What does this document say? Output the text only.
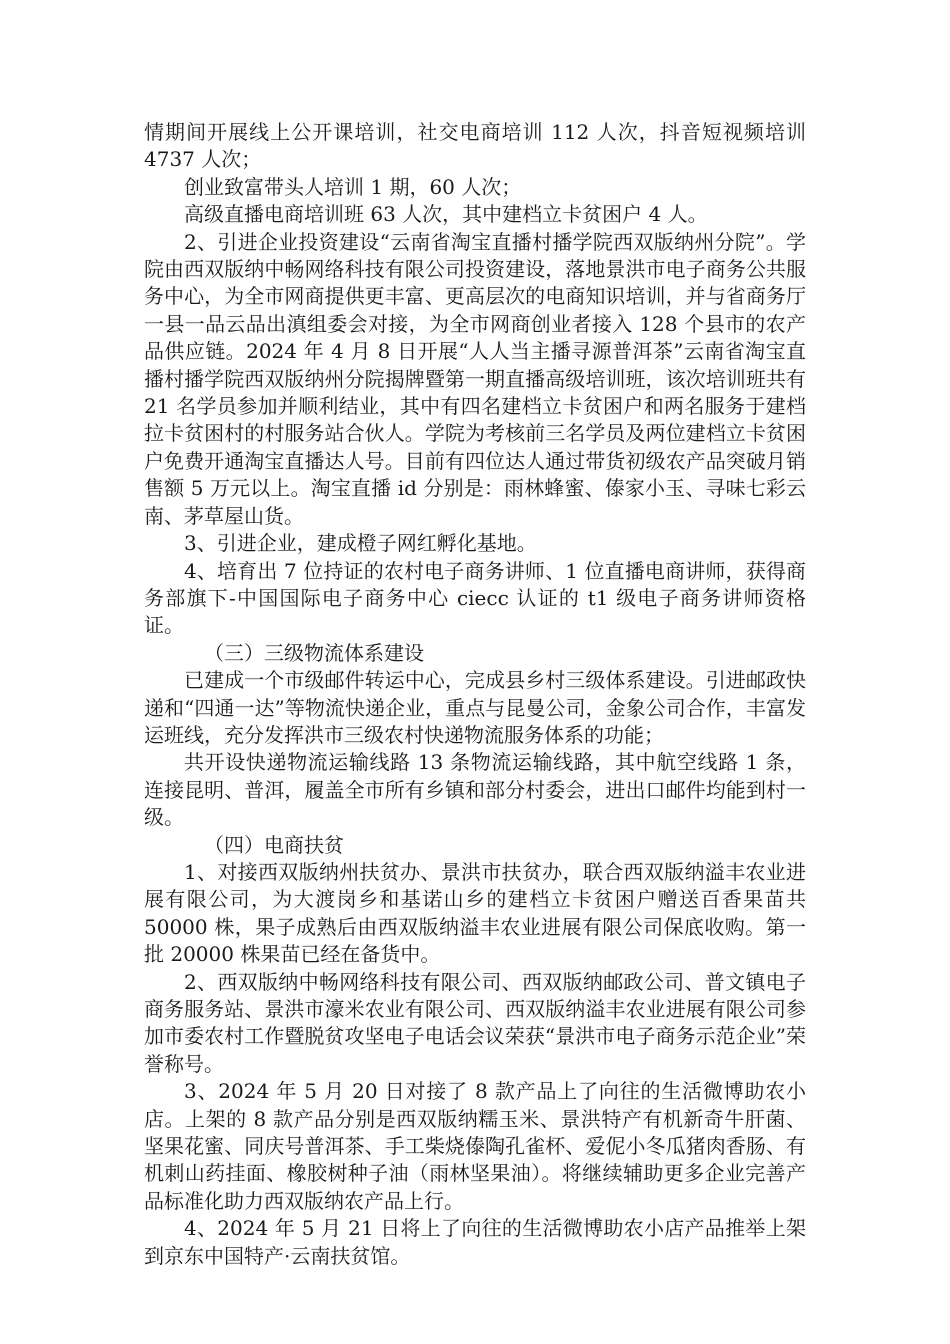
情期间开展线上公开课培训，社交电商培训 112 人次，抖音短视频培训 4737 人次；

创业致富带头人培训 1 期，60 人次；

高级直播电商培训班 63 人次，其中建档立卡贫困户 4 人。

2、引进企业投资建设“云南省淘宝直播村播学院西双版纳州分院”。学院由西双版纳中畅网络科技有限公司投资建设，落地景洪市电子商务公共服务中心，为全市网商提供更丰富、更高层次的电商知识培训，并与省商务厅一县一品云品出滇组委会对接，为全市网商创业者接入 128 个县市的农产品供应链。2024 年 4 月 8 日开展“人人当主播寻源普洱茶”云南省淘宝直播村播学院西双版纳州分院揭牌暨第一期直播高级培训班，该次培训班共有 21 名学员参加并顺利结业，其中有四名建档立卡贫困户和两名服务于建档拉卡贫困村的村服务站合伙人。学院为考核前三名学员及两位建档立卡贫困户免费开通淘宝直播达人号。目前有四位达人通过带货初级农产品突破月销售额 5 万元以上。淘宝直播 id 分别是：雨林蜂蜜、傣家小玉、寻味七彩云南、茅草屋山货。

3、引进企业，建成橙子网红孵化基地。

4、培育出 7 位持证的农村电子商务讲师、1 位直播电商讲师，获得商务部旗下-中国国际电子商务中心 ciecc 认证的 t1 级电子商务讲师资格证。

（三）三级物流体系建设

已建成一个市级邮件转运中心，完成县乡村三级体系建设。引进邮政快递和“四通一达”等物流快递企业，重点与昆曼公司，金象公司合作，丰富发运班线，充分发挥洪市三级农村快递物流服务体系的功能；

共开设快递物流运输线路 13 条物流运输线路，其中航空线路 1 条，连接昆明、普洱，履盖全市所有乡镇和部分村委会，进出口邮件均能到村一级。

（四）电商扶贫

1、对接西双版纳州扶贫办、景洪市扶贫办，联合西双版纳溢丰农业进展有限公司，为大渡岗乡和基诺山乡的建档立卡贫困户赠送百香果苗共 50000 株，果子成熟后由西双版纳溢丰农业进展有限公司保底收购。第一批 20000 株果苗已经在备货中。

2、西双版纳中畅网络科技有限公司、西双版纳邮政公司、普文镇电子商务服务站、景洪市濠米农业有限公司、西双版纳溢丰农业进展有限公司参加市委农村工作暨脱贫攻坚电子电话会议荣获“景洪市电子商务示范企业”荣誉称号。

3、2024 年 5 月 20 日对接了 8 款产品上了向往的生活微博助农小店。上架的 8 款产品分别是西双版纳糯玉米、景洪特产有机新奇牛肝菌、坚果花蜜、同庆号普洱茶、手工柴烧傣陶孔雀杯、爱伲小冬瓜猪肉香肠、有机刺山药挂面、橡胶树种子油（雨林坚果油）。将继续辅助更多企业完善产品标准化助力西双版纳农产品上行。

4、2024 年 5 月 21 日将上了向往的生活微博助农小店产品推举上架到京东中国特产·云南扶贫馆。
